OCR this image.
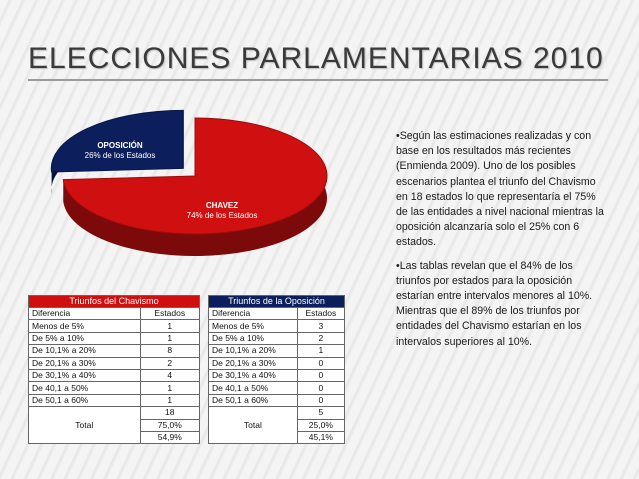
ELECCIONES PARLAMENTARIAS 2010
OPOSICIÓN
26% de los Estados
CHAVEZ
74% de los Estados

•Según las estimaciones realizadas y con base en los resultados más recientes (Enmienda 2009). Uno de los posibles escenarios plantea el triunfo del Chavismo en 18 estados lo que representaría el 75% de las entidades a nivel nacional mientras la oposición alcanzaría solo el 25% con 6 estados.

•Las tablas revelan que el 84% de los triunfos por estados para la oposición estarían entre intervalos menores al 10%. Mientras que el 89% de los triunfos por entidades del Chavismo estarían en los intervalos superiores al 10%.

Triunfos del Chavismo	
Diferencia	Estados
Menos de 5%	1
De 5% a 10%	1
De 10,1% a 20%	8
De 20,1% a 30%	2
De 30,1% a 40%	4
De 40,1 a 50%	1
De 50,1 a 60%	1
Total	18
	75,0%
	54,9%
Triunfos de la Oposición	
Diferencia	Estados
Menos de 5%	3
De 5% a 10%	2
De 10,1% a 20%	1
De 20,1% a 30%	0
De 30,1% a 40%	0
De 40,1 a 50%	0
De 50,1 a 60%	0
Total	5
	25,0%
	45,1%
